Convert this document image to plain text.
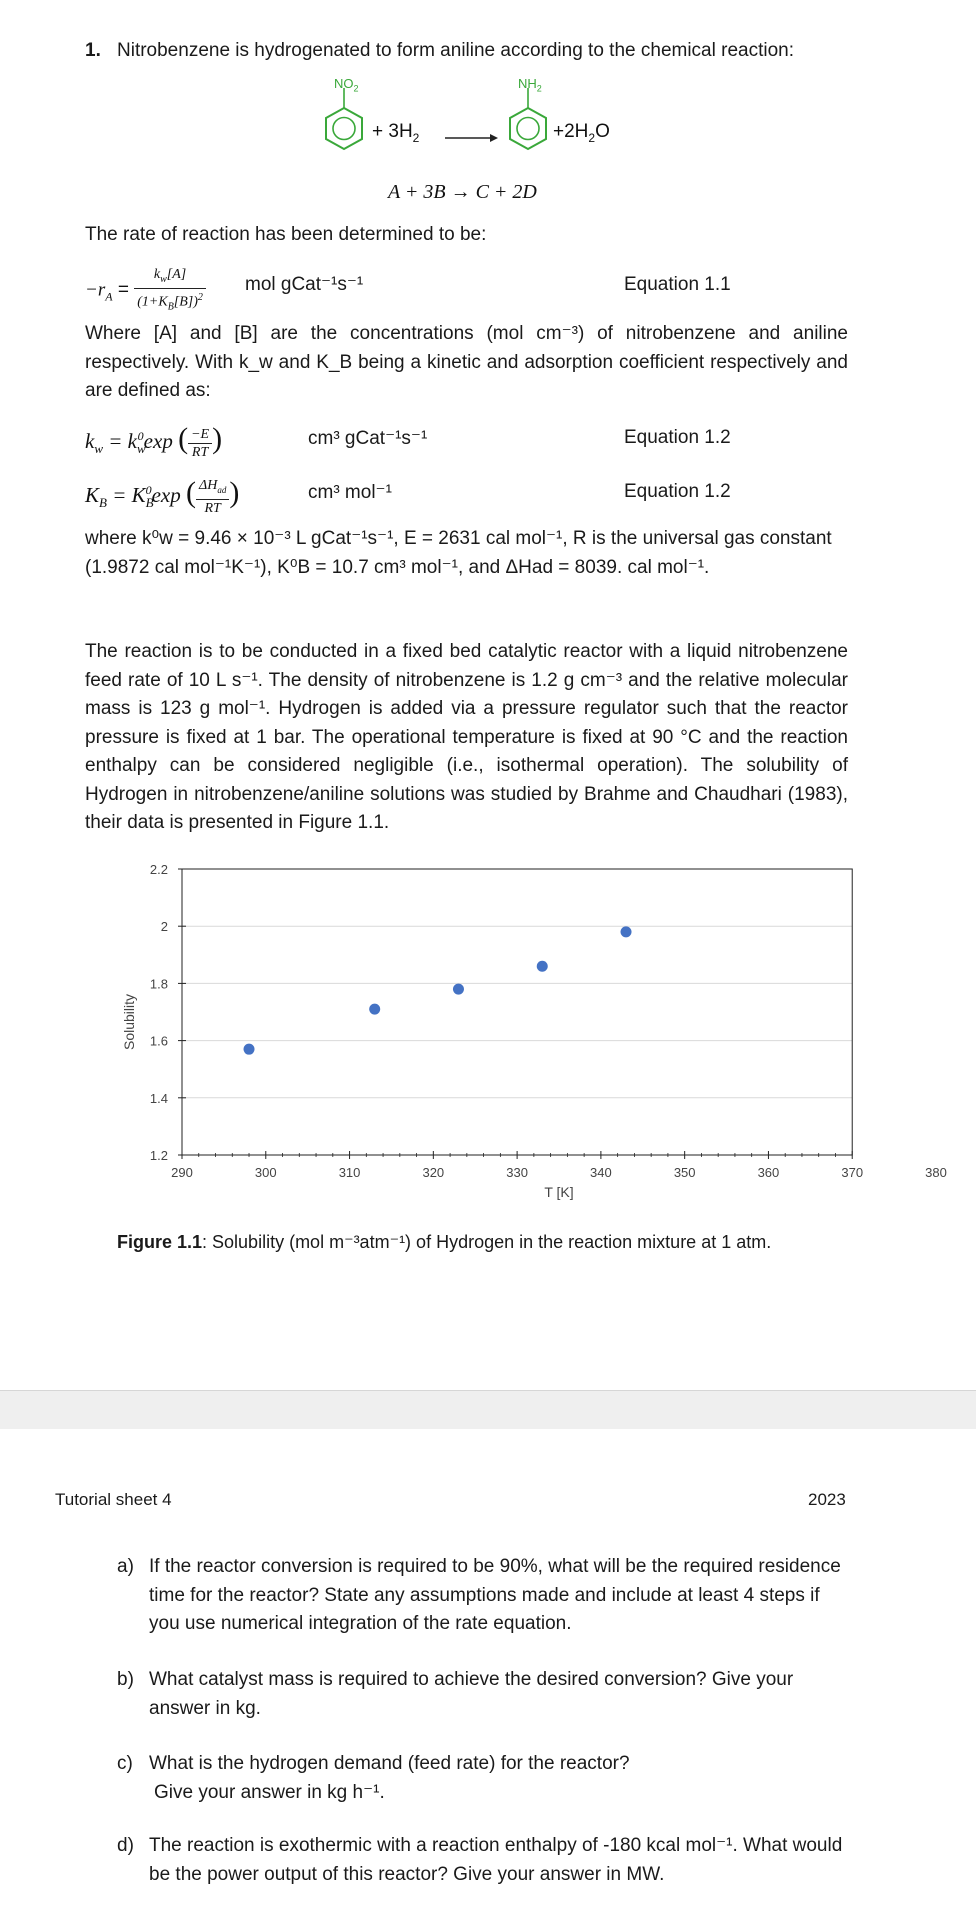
1. Nitrobenzene is hydrogenated to form aniline according to the chemical reaction:
$NO_2$	$NH_2$
+ $3H_2$	$+2H_2O$
A + 3B → C + 2D
The rate of reaction has been determined to be:
$-r_A = \frac{k_w[A]}{(1+K_B[B])^2}$ mol gCat⁻¹s⁻¹	Equation 1.1
Where [A] and [B] are the concentrations (mol cm⁻³) of nitrobenzene and aniline respectively. With k_w and K_B being a kinetic and adsorption coefficient respectively and are defined as:
$k_w = k_w^0\exp$ ( $\frac{-E}{RT}$ )	cm³ gCat⁻¹s⁻¹	Equation 1.2
$K_B = K_B^0\exp$ ( $\frac{\Delta H_{ad}}{RT}$ )	cm³ mol⁻¹	Equation 1.2
where k⁰w = 9.46 × 10⁻³ L gCat⁻¹s⁻¹, E = 2631 cal mol⁻¹, R is the universal gas constant
(1.9872 cal mol⁻¹K⁻¹), K⁰B = 10.7 cm³ mol⁻¹, and ΔHad = 8039. cal mol⁻¹.
The reaction is to be conducted in a fixed bed catalytic reactor with a liquid nitrobenzene feed rate of 10 L s⁻¹. The density of nitrobenzene is 1.2 g cm⁻³ and the relative molecular mass is 123 g mol⁻¹. Hydrogen is added via a pressure regulator such that the reactor pressure is fixed at 1 bar. The operational temperature is fixed at 90 °C and the reaction enthalpy can be considered negligible (i.e., isothermal operation). The solubility of Hydrogen in nitrobenzene/aniline solutions was studied by Brahme and Chaudhari (1983), their data is presented in Figure 1.1.
290	300	310	320	330	340	350	360	370	380
1.2
1.4
1.6
1.8
2
2.2
T [K]
Solubility
Figure 1.1: Solubility (mol m⁻³atm⁻¹) of Hydrogen in the reaction mixture at 1 atm.
Tutorial sheet 4	2023
a) If the reactor conversion is required to be 90%, what will be the required residence time for the reactor? State any assumptions made and include at least 4 steps if you use numerical integration of the rate equation.
b) What catalyst mass is required to achieve the desired conversion? Give your answer in kg.
c) What is the hydrogen demand (feed rate) for the reactor?
Give your answer in kg h⁻¹.
d) The reaction is exothermic with a reaction enthalpy of -180 kcal mol⁻¹. What would be the power output of this reactor? Give your answer in MW.
